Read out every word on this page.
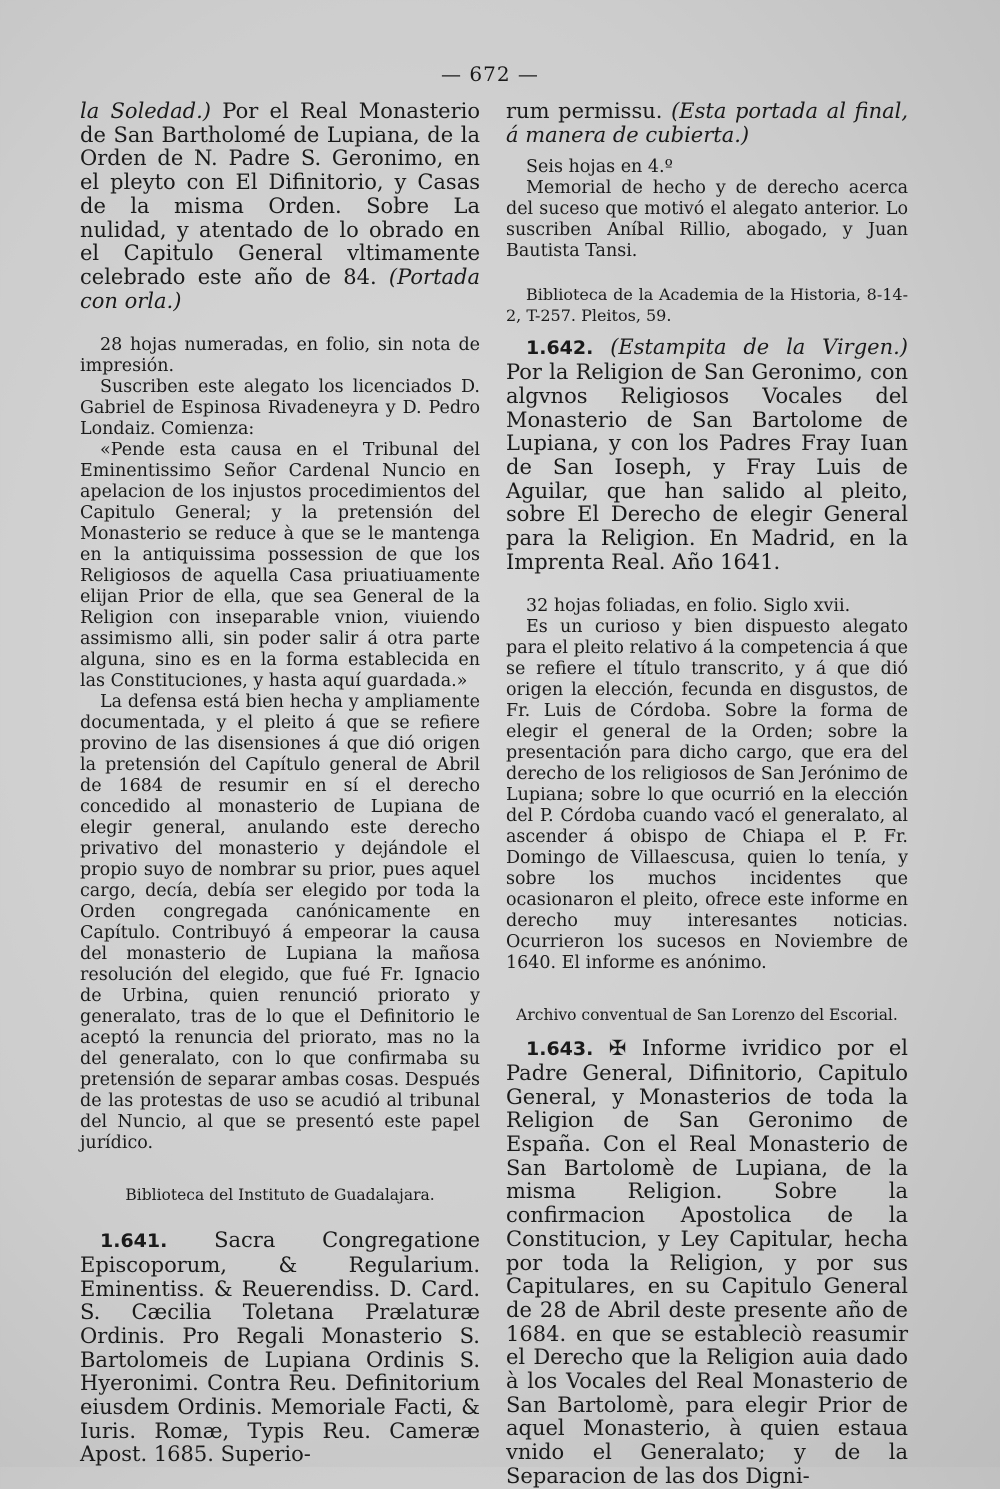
— 672 —

la Soledad.) Por el Real Monasterio de San Bartholomé de Lupiana, de la Orden de N. Padre S. Geronimo, en el pleyto con El Difinitorio, y Casas de la misma Orden. Sobre La nulidad, y atentado de lo obrado en el Capitulo General vltimamente celebrado este año de 84. (Portada con orla.)

28 hojas numeradas, en folio, sin nota de impresión.

Suscriben este alegato los licenciados D. Gabriel de Espinosa Rivadeneyra y D. Pedro Londaiz. Comienza:

«Pende esta causa en el Tribunal del Eminentissimo Señor Cardenal Nuncio en apelacion de los injustos procedimientos del Capitulo General; y la pretensión del Monasterio se reduce à que se le mantenga en la antiquissima possession de que los Religiosos de aquella Casa priuatiuamente elijan Prior de ella, que sea General de la Religion con inseparable vnion, viuiendo assimismo alli, sin poder salir á otra parte alguna, sino es en la forma establecida en las Constituciones, y hasta aquí guardada.»

La defensa está bien hecha y ampliamente documentada, y el pleito á que se refiere provino de las disensiones á que dió origen la pretensión del Capítulo general de Abril de 1684 de resumir en sí el derecho concedido al monasterio de Lupiana de elegir general, anulando este derecho privativo del monasterio y dejándole el propio suyo de nombrar su prior, pues aquel cargo, decía, debía ser elegido por toda la Orden congregada canónicamente en Capítulo. Contribuyó á empeorar la causa del monasterio de Lupiana la mañosa resolución del elegido, que fué Fr. Ignacio de Urbina, quien renunció priorato y generalato, tras de lo que el Definitorio le aceptó la renuncia del priorato, mas no la del generalato, con lo que confirmaba su pretensión de separar ambas cosas. Después de las protestas de uso se acudió al tribunal del Nuncio, al que se presentó este papel jurídico.

Biblioteca del Instituto de Guadalajara.

1.641. Sacra Congregatione Episcoporum, & Regularium. Eminentiss. & Reuerendiss. D. Card. S. Cæcilia Toletana Prælaturæ Ordinis. Pro Regali Monasterio S. Bartolomeis de Lupiana Ordinis S. Hyeronimi. Contra Reu. Definitorium eiusdem Ordinis. Memoriale Facti, & Iuris. Romæ, Typis Reu. Cameræ Apost. 1685. Superio-

rum permissu. (Esta portada al final, á manera de cubierta.)

Seis hojas en 4.º

Memorial de hecho y de derecho acerca del suceso que motivó el alegato anterior. Lo suscriben Aníbal Rillio, abogado, y Juan Bautista Tansi.

Biblioteca de la Academia de la Historia, 8-14-2, T-257. Pleitos, 59.

1.642. (Estampita de la Virgen.) Por la Religion de San Geronimo, con algvnos Religiosos Vocales del Monasterio de San Bartolome de Lupiana, y con los Padres Fray Iuan de San Ioseph, y Fray Luis de Aguilar, que han salido al pleito, sobre El Derecho de elegir General para la Religion. En Madrid, en la Imprenta Real. Año 1641.

32 hojas foliadas, en folio. Siglo xvii.

Es un curioso y bien dispuesto alegato para el pleito relativo á la competencia á que se refiere el título transcrito, y á que dió origen la elección, fecunda en disgustos, de Fr. Luis de Córdoba. Sobre la forma de elegir el general de la Orden; sobre la presentación para dicho cargo, que era del derecho de los religiosos de San Jerónimo de Lupiana; sobre lo que ocurrió en la elección del P. Córdoba cuando vacó el generalato, al ascender á obispo de Chiapa el P. Fr. Domingo de Villaescusa, quien lo tenía, y sobre los muchos incidentes que ocasionaron el pleito, ofrece este informe en derecho muy interesantes noticias. Ocurrieron los sucesos en Noviembre de 1640. El informe es anónimo.

Archivo conventual de San Lorenzo del Escorial.

1.643. ✠ Informe ivridico por el Padre General, Difinitorio, Capitulo General, y Monasterios de toda la Religion de San Geronimo de España. Con el Real Monasterio de San Bartolomè de Lupiana, de la misma Religion. Sobre la confirmacion Apostolica de la Constitucion, y Ley Capitular, hecha por toda la Religion, y por sus Capitulares, en su Capitulo General de 28 de Abril deste presente año de 1684. en que se estableciò reasumir el Derecho que la Religion auia dado à los Vocales del Real Monasterio de San Bartolomè, para elegir Prior de aquel Monasterio, à quien estaua vnido el Generalato; y de la Separacion de las dos Digni-
